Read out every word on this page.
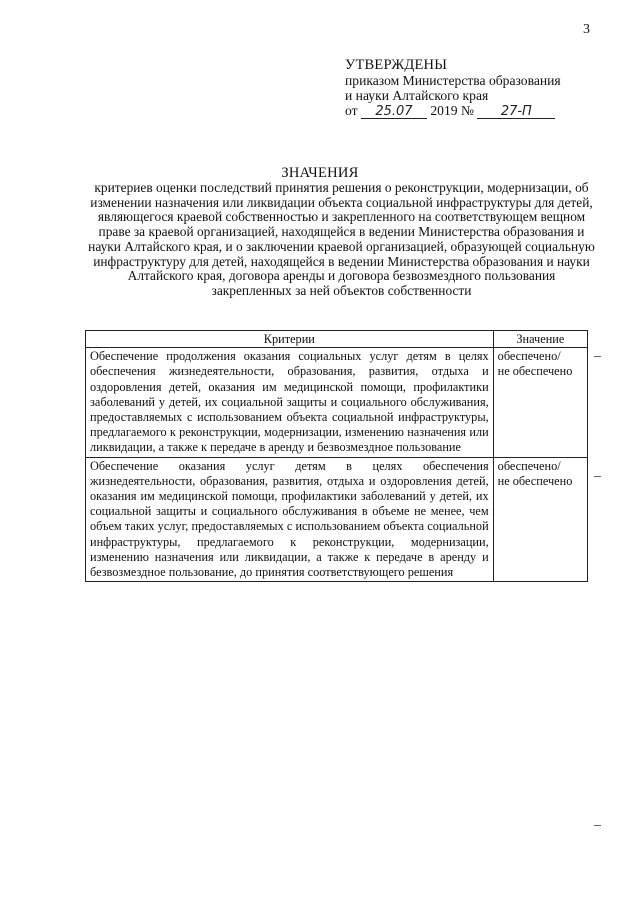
3
УТВЕРЖДЕНЫ
приказом Министерства образования
и науки Алтайского края
от 25.07 2019 № 27-П
ЗНАЧЕНИЯ
критериев оценки последствий принятия решения о реконструкции, модернизации, об изменении назначения или ликвидации объекта социальной инфраструктуры для детей, являющегося краевой собственностью и закрепленного на соответствующем вещном праве за краевой организацией, находящейся в ведении Министерства образования и науки Алтайского края, и о заключении краевой организацией, образующей социальную инфраструктуру для детей, находящейся в ведении Министерства образования и науки Алтайского края, договора аренды и договора безвозмездного пользования закрепленных за ней объектов собственности
Критерии	Значение
Обеспечение продолжения оказания социальных услуг детям в целях обеспечения жизнедеятельности, образования, развития, отдыха и оздоровления детей, оказания им медицинской помощи, профилактики заболеваний у детей, их социальной защиты и социального обслуживания, предоставляемых с использованием объекта социальной инфраструктуры, предлагаемого к реконструкции, модернизации, изменению назначения или ликвидации, а также к передаче в аренду и безвозмездное пользование	обеспечено/
не обеспечено

Обеспечение оказания услуг детям в целях обеспечения жизнедеятельности, образования, развития, отдыха и оздоровления детей, оказания им медицинской помощи, профилактики заболеваний у детей, их социальной защиты и социального обслуживания в объеме не менее, чем объем таких услуг, предоставляемых с использованием объекта социальной инфраструктуры, предлагаемого к реконструкции, модернизации, изменению назначения или ликвидации, а также к передаче в аренду и безвозмездное пользование, до принятия соответствующего решения	обеспечено/
не обеспечено
